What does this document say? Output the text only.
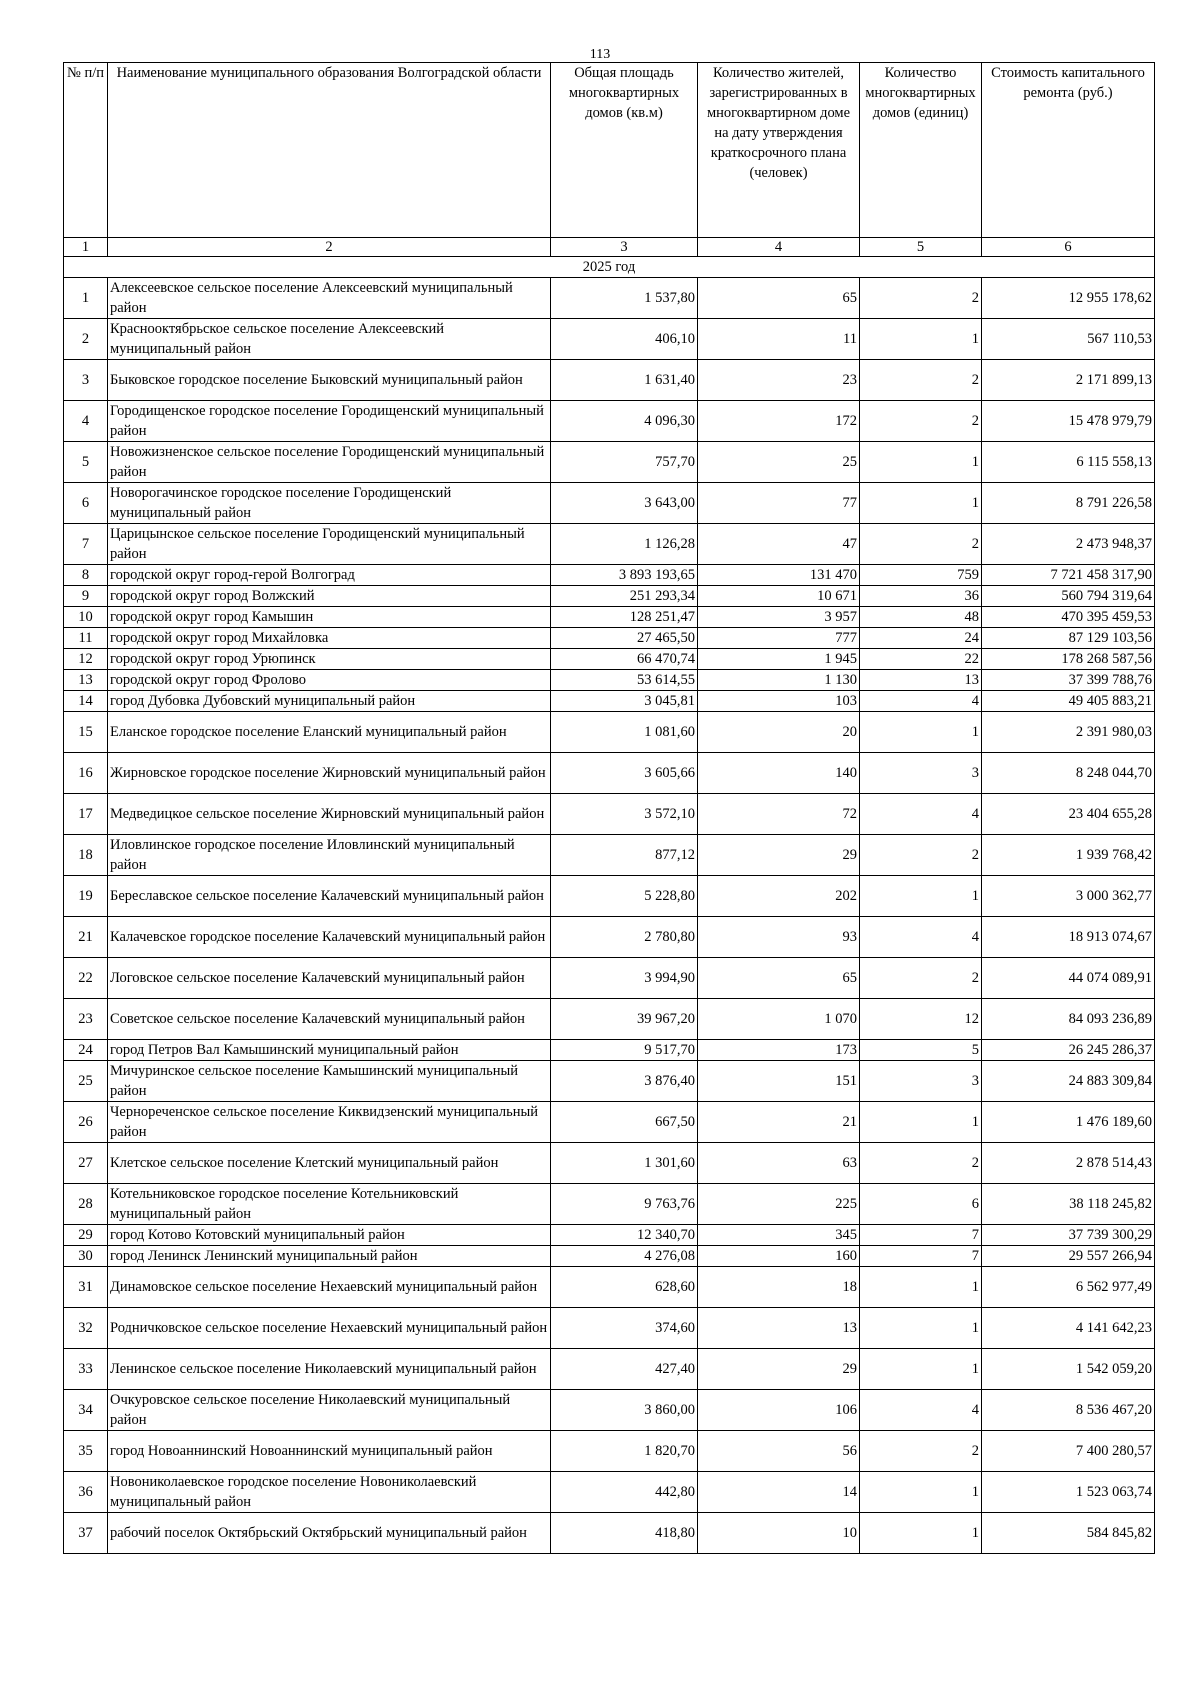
113
№ п/п	Наименование муниципального образования Волгоградской области	Общая площадь многоквартирных домов (кв.м)	Количество жителей, зарегистрированных в многоквартирном доме на дату утверждения краткосрочного плана (человек)	Количество многоквартирных домов (единиц)	Стоимость капитального ремонта (руб.)
1	2	3	4	5	6
2025 год					
1	Алексеевское сельское поселение Алексеевский муниципальный район	1 537,80	65	2	12 955 178,62
2	Краснооктябрьское сельское поселение Алексеевский муниципальный район	406,10	11	1	567 110,53
3	Быковское городское поселение Быковский муниципальный район	1 631,40	23	2	2 171 899,13
4	Городищенское городское поселение Городищенский муниципальный район	4 096,30	172	2	15 478 979,79
5	Новожизненское сельское поселение Городищенский муниципальный район	757,70	25	1	6 115 558,13
6	Новорогачинское городское поселение Городищенский муниципальный район	3 643,00	77	1	8 791 226,58
7	Царицынское сельское поселение Городищенский муниципальный район	1 126,28	47	2	2 473 948,37
8	городской округ город-герой Волгоград	3 893 193,65	131 470	759	7 721 458 317,90
9	городской округ город Волжский	251 293,34	10 671	36	560 794 319,64
10	городской округ город Камышин	128 251,47	3 957	48	470 395 459,53
11	городской округ город Михайловка	27 465,50	777	24	87 129 103,56
12	городской округ город Урюпинск	66 470,74	1 945	22	178 268 587,56
13	городской округ город Фролово	53 614,55	1 130	13	37 399 788,76
14	город Дубовка Дубовский муниципальный район	3 045,81	103	4	49 405 883,21
15	Еланское городское поселение Еланский муниципальный район	1 081,60	20	1	2 391 980,03
16	Жирновское городское поселение Жирновский муниципальный район	3 605,66	140	3	8 248 044,70
17	Медведицкое сельское поселение Жирновский муниципальный район	3 572,10	72	4	23 404 655,28
18	Иловлинское городское поселение Иловлинский муниципальный район	877,12	29	2	1 939 768,42
19	Береславское сельское поселение Калачевский муниципальный район	5 228,80	202	1	3 000 362,77
21	Калачевское городское поселение Калачевский муниципальный район	2 780,80	93	4	18 913 074,67
22	Логовское сельское поселение Калачевский муниципальный район	3 994,90	65	2	44 074 089,91
23	Советское сельское поселение Калачевский муниципальный район	39 967,20	1 070	12	84 093 236,89
24	город Петров Вал Камышинский муниципальный район	9 517,70	173	5	26 245 286,37
25	Мичуринское сельское поселение Камышинский муниципальный район	3 876,40	151	3	24 883 309,84
26	Чернореченское сельское поселение Киквидзенский муниципальный район	667,50	21	1	1 476 189,60
27	Клетское сельское поселение Клетский муниципальный район	1 301,60	63	2	2 878 514,43
28	Котельниковское городское поселение Котельниковский муниципальный район	9 763,76	225	6	38 118 245,82
29	город Котово Котовский муниципальный район	12 340,70	345	7	37 739 300,29
30	город Ленинск Ленинский муниципальный район	4 276,08	160	7	29 557 266,94
31	Динамовское сельское поселение Нехаевский муниципальный район	628,60	18	1	6 562 977,49
32	Родничковское сельское поселение Нехаевский муниципальный район	374,60	13	1	4 141 642,23
33	Ленинское сельское поселение Николаевский муниципальный район	427,40	29	1	1 542 059,20
34	Очкуровское сельское поселение Николаевский муниципальный район	3 860,00	106	4	8 536 467,20
35	город Новоаннинский Новоаннинский муниципальный район	1 820,70	56	2	7 400 280,57
36	Новониколаевское городское поселение Новониколаевский муниципальный район	442,80	14	1	1 523 063,74
37	рабочий поселок Октябрьский Октябрьский муниципальный район	418,80	10	1	584 845,82
